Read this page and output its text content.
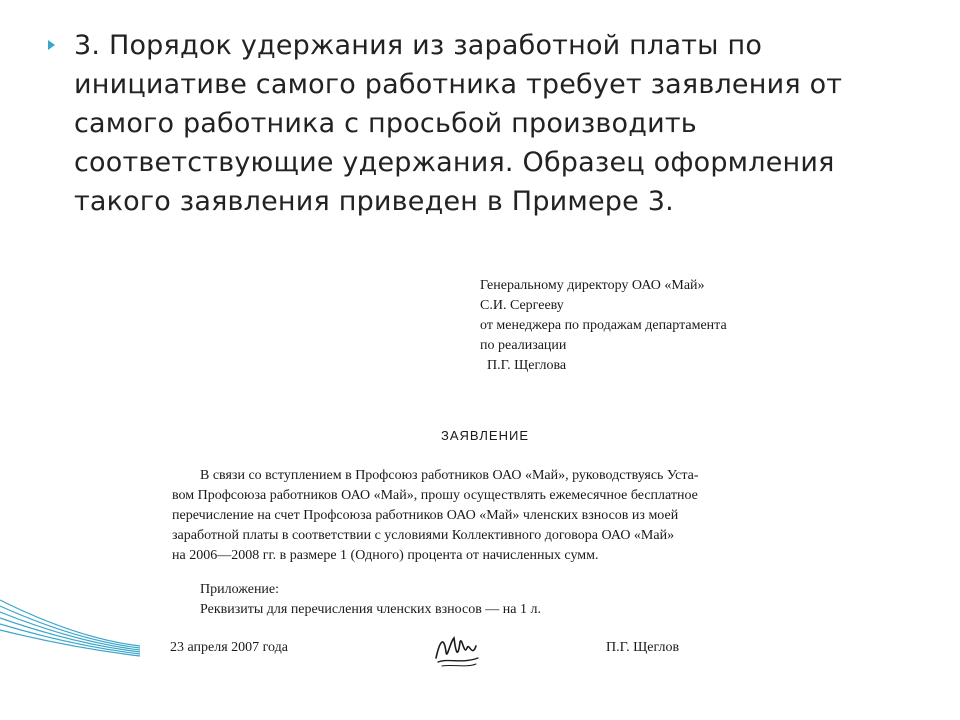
3. Порядок удержания из заработной платы по инициативе самого работника требует заявления от самого работника с просьбой производить соответствующие удержания. Образец оформления такого заявления приведен в Примере 3.

Генеральному директору ОАО «Май»
С.И. Сергееву
от менеджера по продажам департамента
по реализации
П.Г. Щеглова

ЗАЯВЛЕНИЕ

В связи со вступлением в Профсоюз работников ОАО «Май», руководствуясь Уста-
вом Профсоюза работников ОАО «Май», прошу осуществлять ежемесячное бесплатное
перечисление на счет Профсоюза работников ОАО «Май» членских взносов из моей
заработной платы в соответствии с условиями Коллективного договора ОАО «Май»
на 2006—2008 гг. в размере 1 (Одного) процента от начисленных сумм.

Приложение:
Реквизиты для перечисления членских взносов — на 1 л.

23 апреля 2007 года	П.Г. Щеглов
